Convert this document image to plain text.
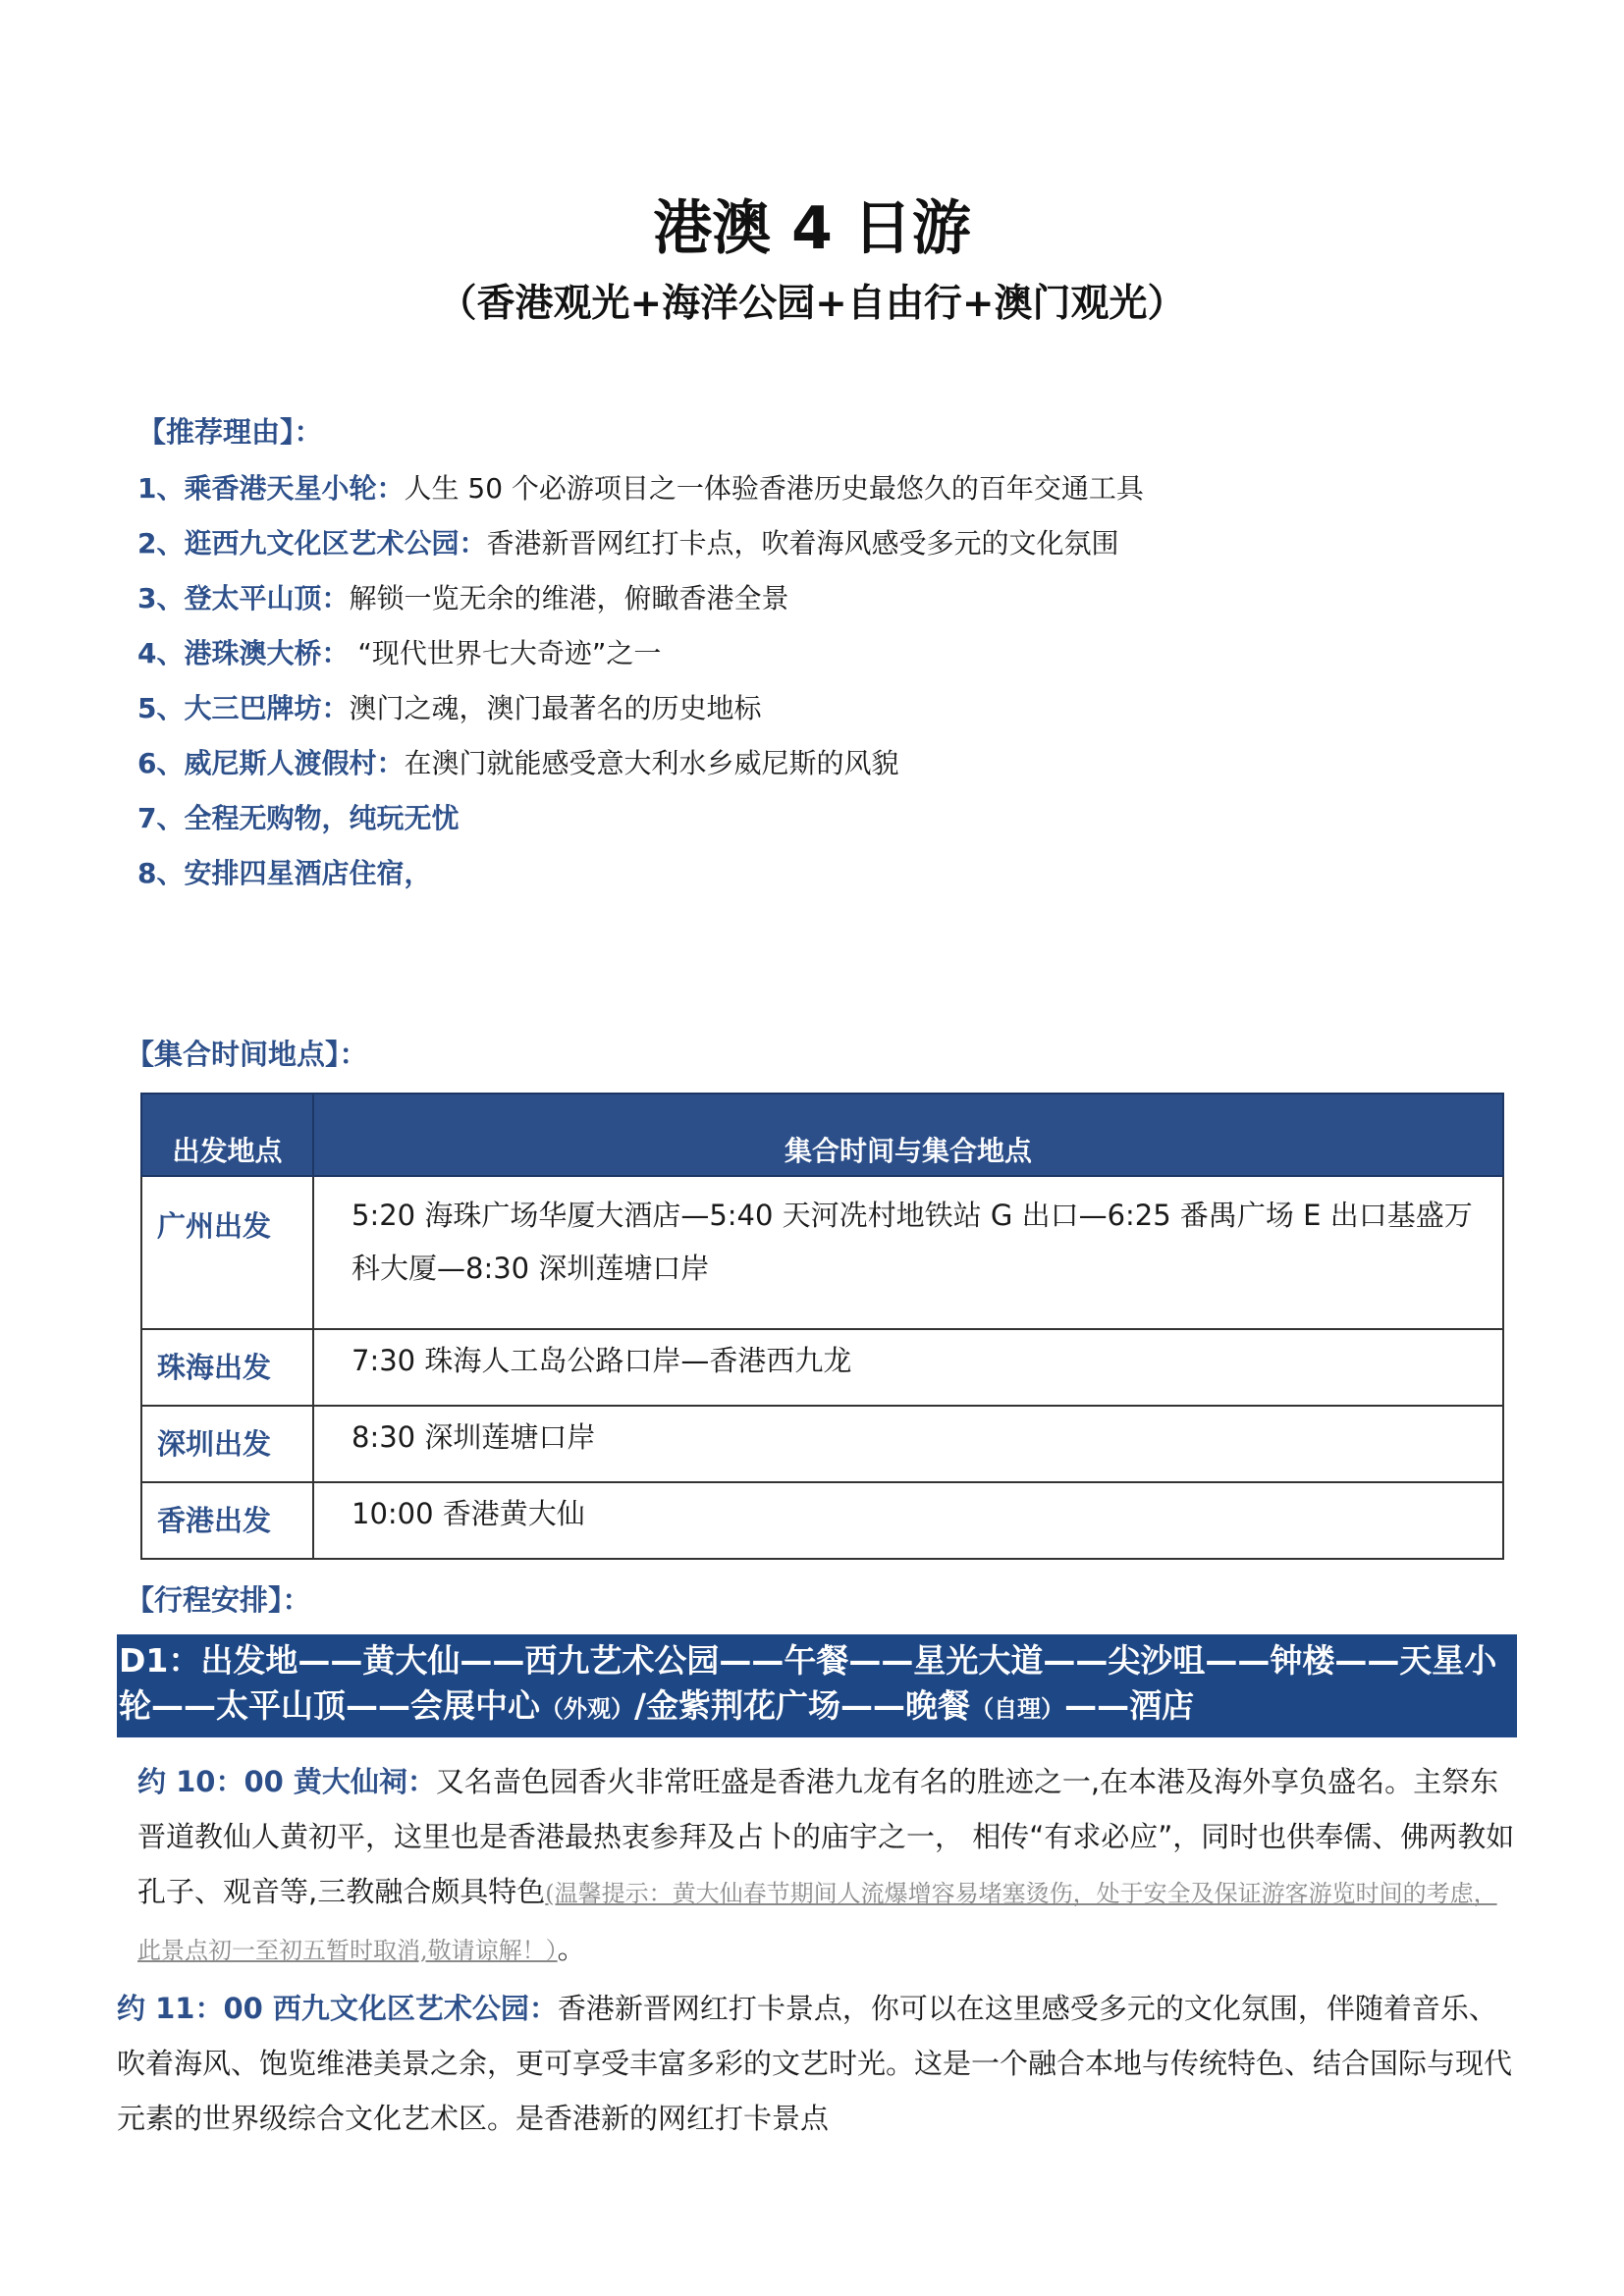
港澳 4 日游
（香港观光+海洋公园+自由行+澳门观光）
【推荐理由】：
1、乘香港天星小轮：人生 50 个必游项目之一体验香港历史最悠久的百年交通工具
2、逛西九文化区艺术公园：香港新晋网红打卡点，吹着海风感受多元的文化氛围
3、登太平山顶：解锁一览无余的维港，俯瞰香港全景
4、港珠澳大桥： “现代世界七大奇迹”之一
5、大三巴牌坊：澳门之魂，澳门最著名的历史地标
6、威尼斯人渡假村：在澳门就能感受意大利水乡威尼斯的风貌
7、全程无购物，纯玩无忧
8、安排四星酒店住宿，
【集合时间地点】：
出发地点	集合时间与集合地点
广州出发	5:20 海珠广场华厦大酒店—5:40 天河冼村地铁站 G 出口—6:25 番禺广场 E 出口基盛万科大厦—8:30 深圳莲塘口岸
珠海出发	7:30 珠海人工岛公路口岸—香港西九龙
深圳出发	8:30 深圳莲塘口岸
香港出发	10:00 香港黄大仙
【行程安排】：
D1：出发地——黄大仙——西九艺术公园——午餐——星光大道——尖沙咀——钟楼——天星小轮——太平山顶——会展中心（外观）/金紫荆花广场——晚餐（自理）——酒店

约 10：00 黄大仙祠：又名啬色园香火非常旺盛是香港九龙有名的胜迹之一,在本港及海外享负盛名。主祭东晋道教仙人黄初平，这里也是香港最热衷参拜及占卜的庙宇之一， 相传“有求必应”，同时也供奉儒、佛两教如孔子、观音等,三教融合颇具特色(温馨提示：黄大仙春节期间人流爆增容易堵塞烫伤，处于安全及保证游客游览时间的考虑，此景点初一至初五暂时取消,敬请谅解！）。

约 11：00 西九文化区艺术公园：香港新晋网红打卡景点，你可以在这里感受多元的文化氛围，伴随着音乐、吹着海风、饱览维港美景之余，更可享受丰富多彩的文艺时光。这是一个融合本地与传统特色、结合国际与现代元素的世界级综合文化艺术区。是香港新的网红打卡景点
